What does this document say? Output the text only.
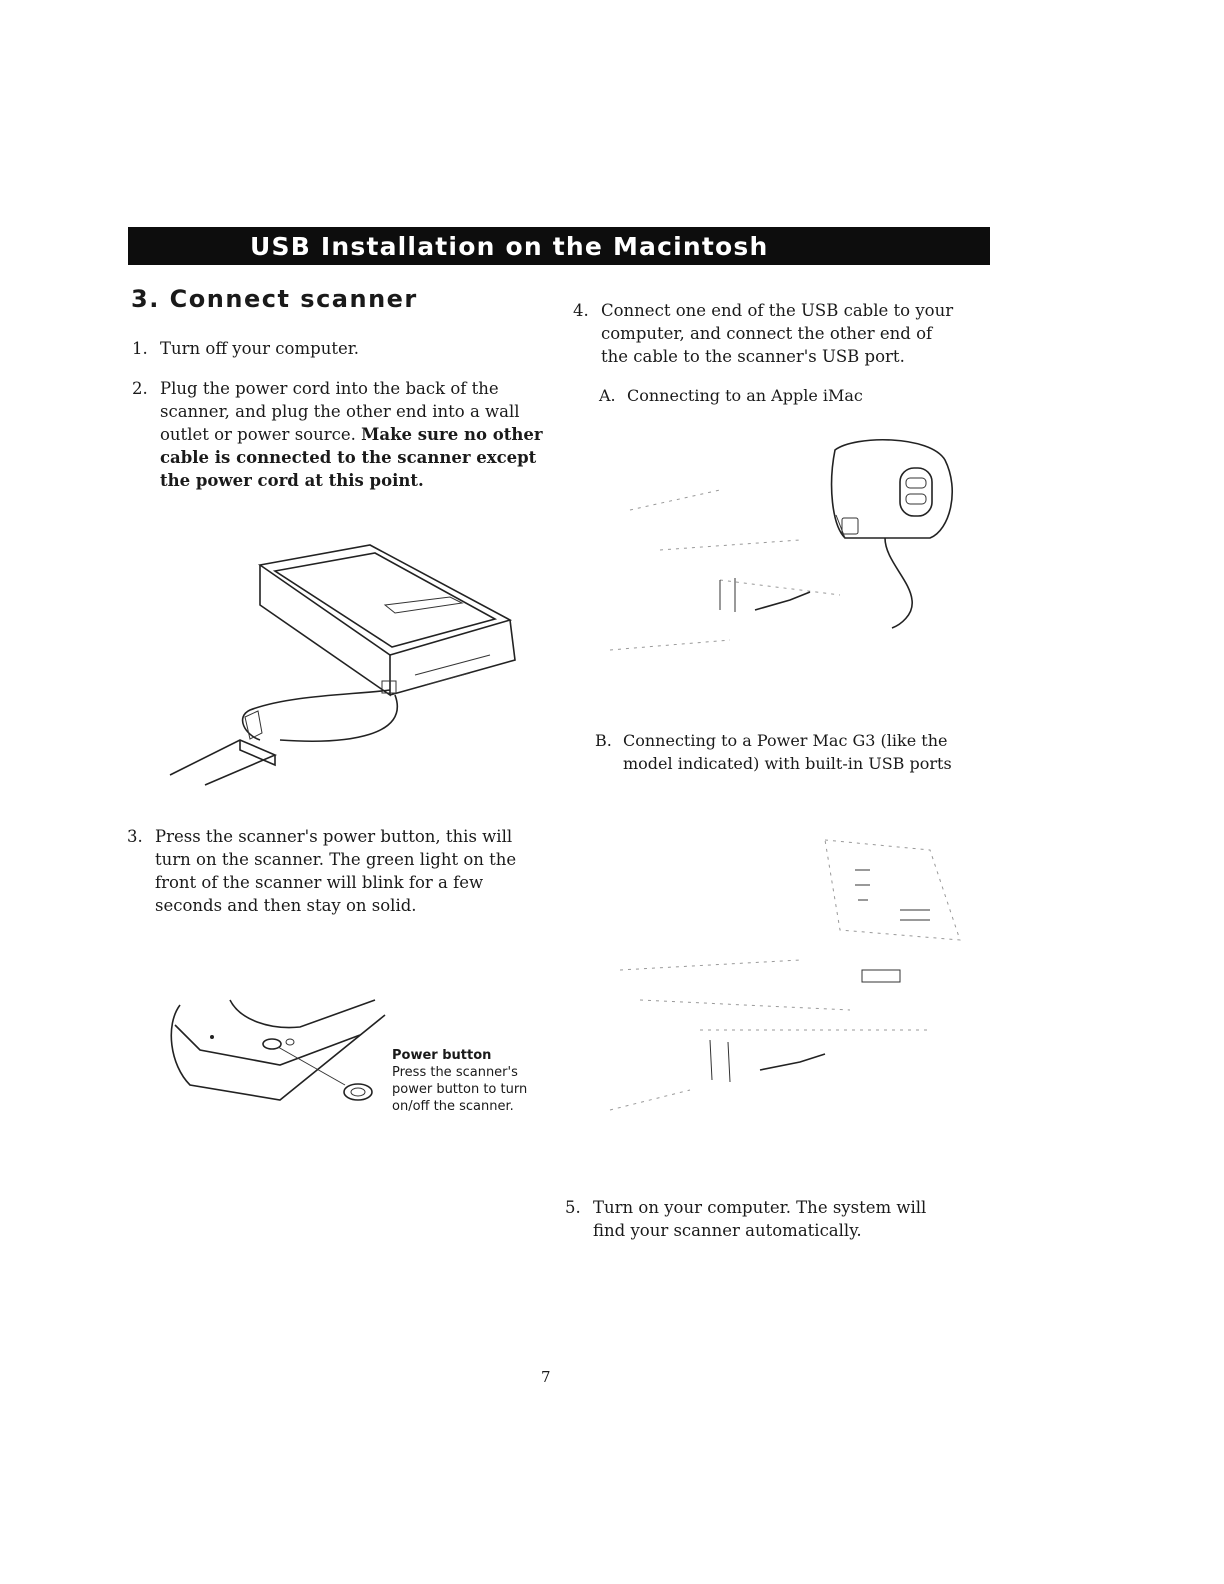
USB Installation on the Macintosh
3. Connect scanner
1. Turn off your computer.
2. Plug the power cord into the back of the scanner, and plug the other end into a wall outlet or power source. Make sure no other cable is connected to the scanner except the power cord at this point.
3. Press the scanner's power button, this will turn on the scanner. The green light on the front of the scanner will blink for a few seconds and then stay on solid.
Power button
Press the scanner's power button to turn on/off the scanner.
4. Connect one end of the USB cable to your computer, and connect the other end of the cable to the scanner's USB port.
A. Connecting to an Apple iMac
B. Connecting to a Power Mac G3 (like the model indicated) with built-in USB ports
5. Turn on your computer. The system will find your scanner automatically.
7
